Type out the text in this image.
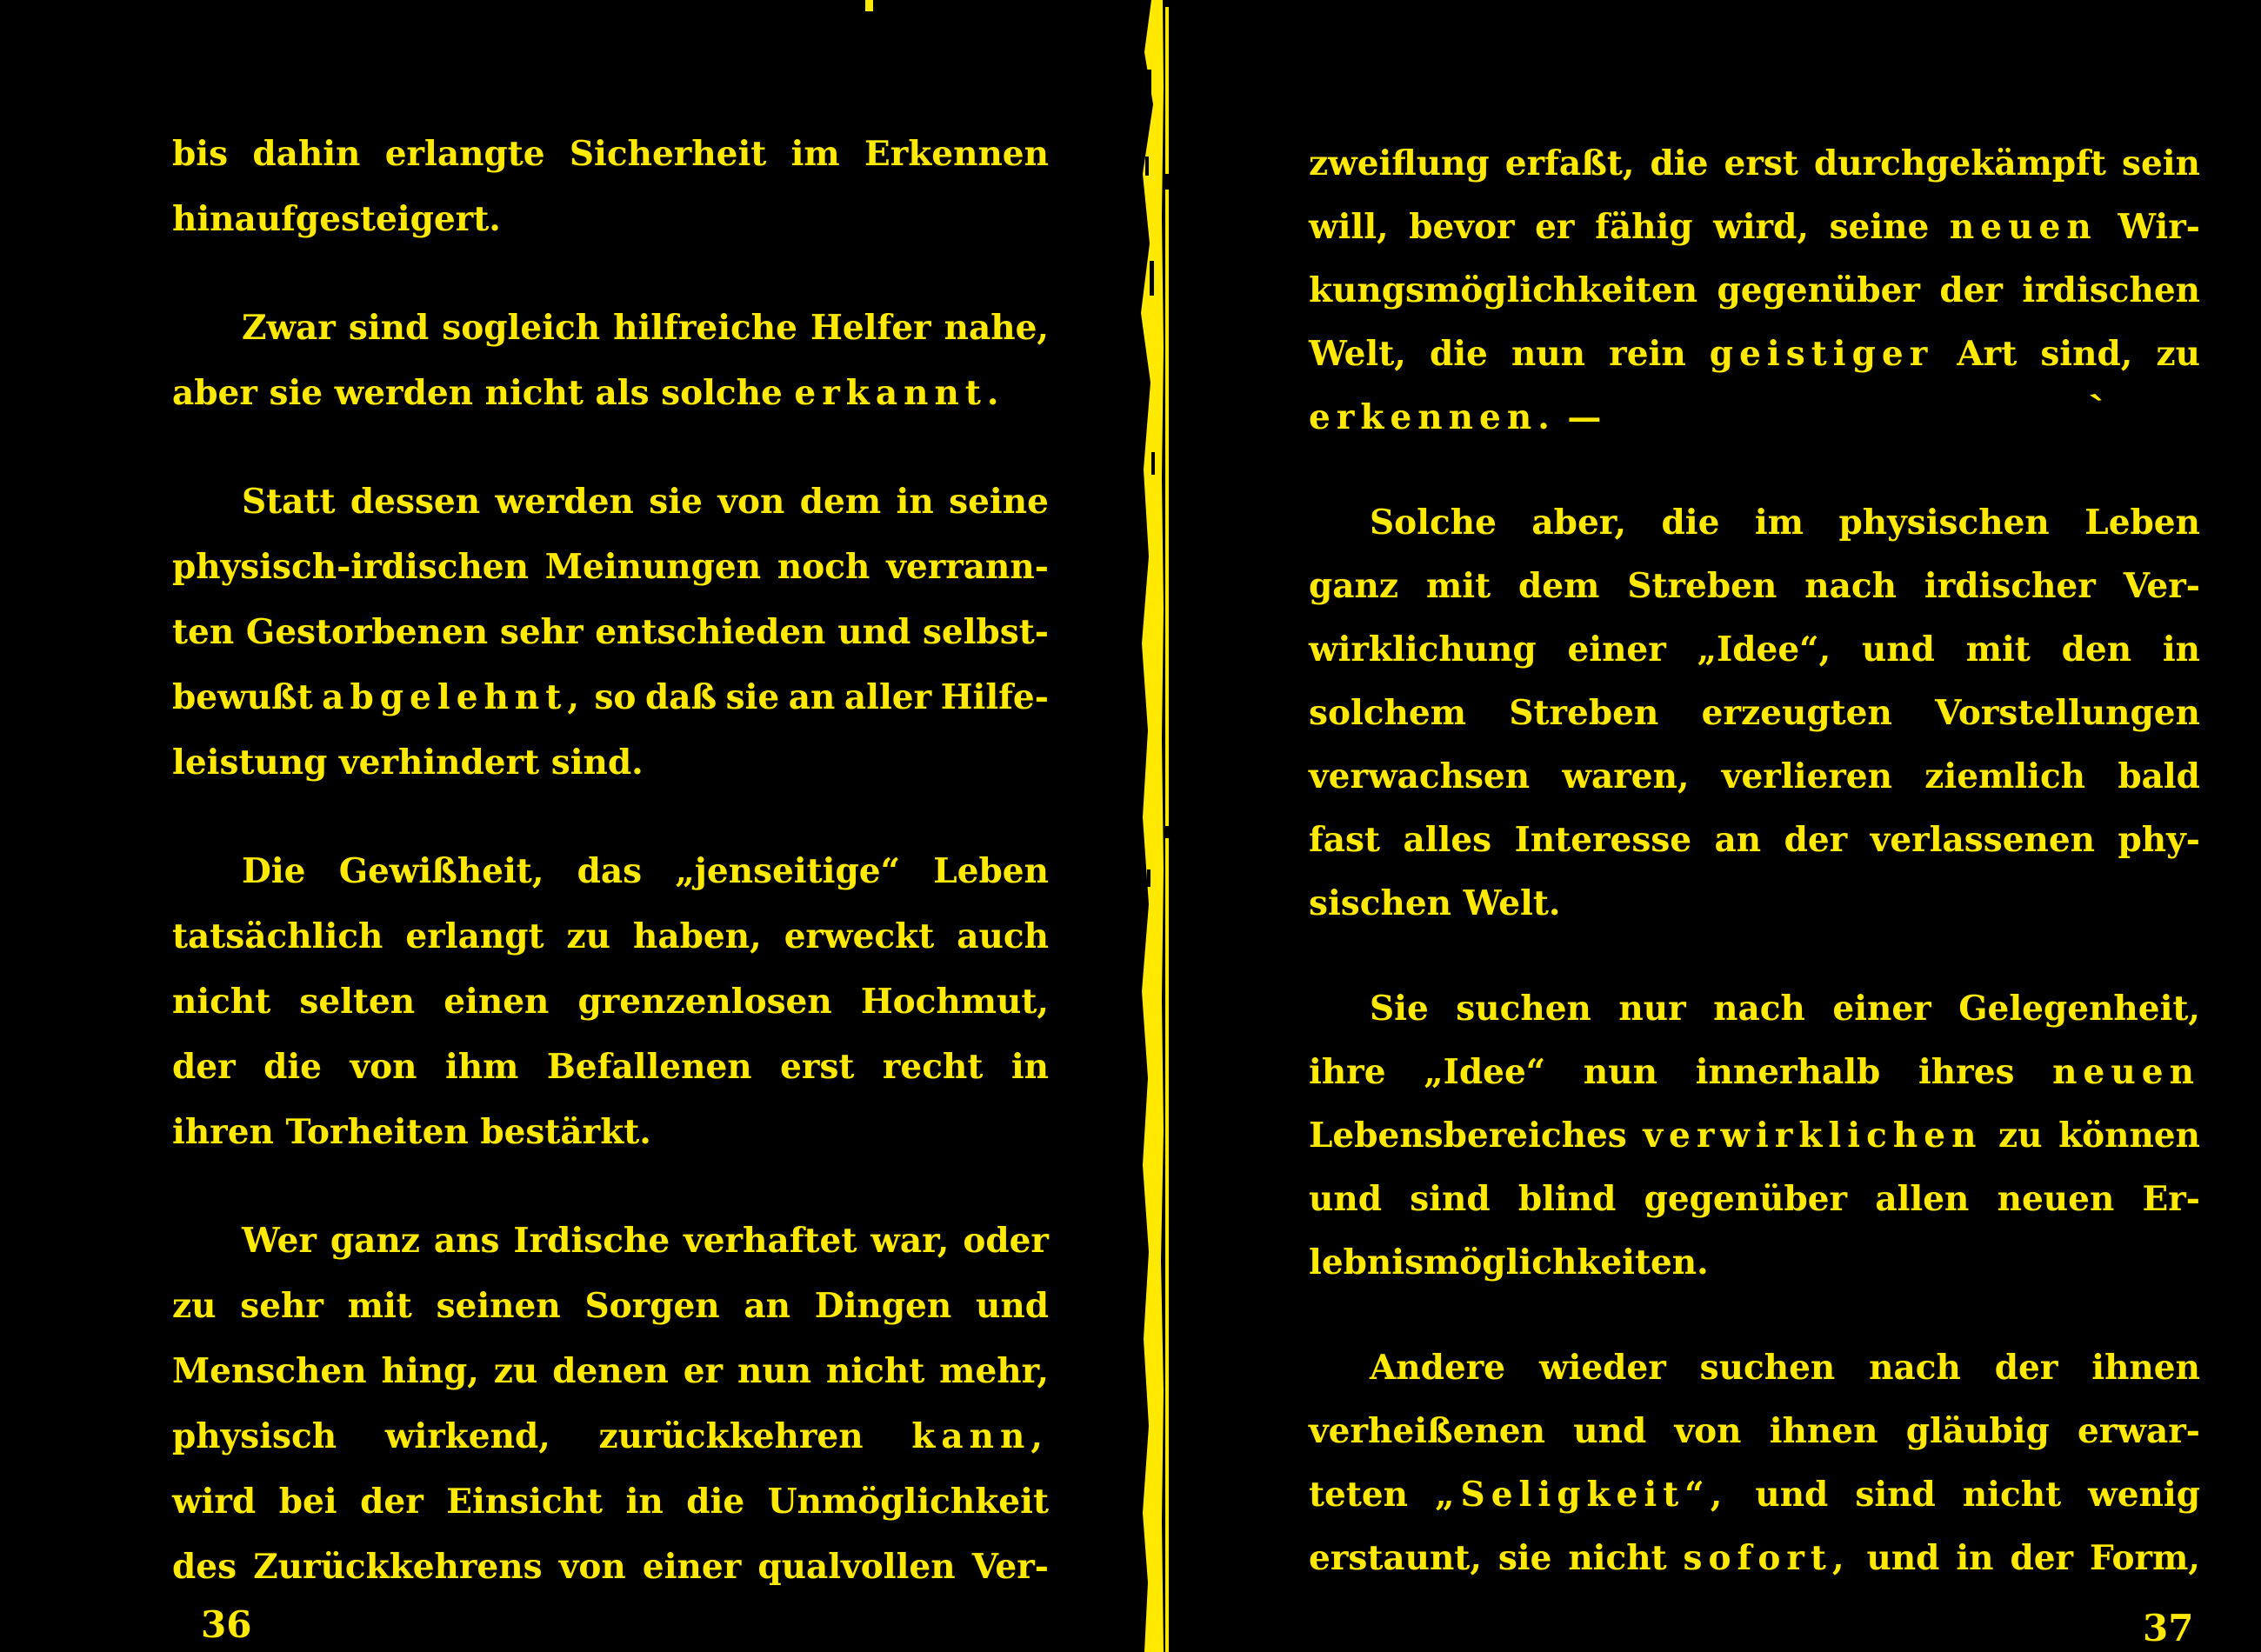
bis dahin erlangte Sicherheit im Erkennen
hinaufgesteigert.
Zwar sind sogleich hilfreiche Helfer nahe,
aber sie werden nicht als solche erkannt.
Statt dessen werden sie von dem in seine
physisch-irdischen Meinungen noch verrann-
ten Gestorbenen sehr entschieden und selbst-
bewußt abgelehnt, so daß sie an aller Hilfe-
leistung verhindert sind.
Die Gewißheit, das „jenseitige“ Leben
tatsächlich erlangt zu haben, erweckt auch
nicht selten einen grenzenlosen Hochmut,
der die von ihm Befallenen erst recht in
ihren Torheiten bestärkt.
Wer ganz ans Irdische verhaftet war, oder
zu sehr mit seinen Sorgen an Dingen und
Menschen hing, zu denen er nun nicht mehr,
physisch wirkend, zurückkehren kann,
wird bei der Einsicht in die Unmöglichkeit
des Zurückkehrens von einer qualvollen Ver-
zweiflung erfaßt, die erst durchgekämpft sein
will, bevor er fähig wird, seine neuen Wir-
kungsmöglichkeiten gegenüber der irdischen
Welt, die nun rein geistiger Art sind, zu
erkennen. —
Solche aber, die im physischen Leben
ganz mit dem Streben nach irdischer Ver-
wirklichung einer „Idee“, und mit den in
solchem Streben erzeugten Vorstellungen
verwachsen waren, verlieren ziemlich bald
fast alles Interesse an der verlassenen phy-
sischen Welt.
Sie suchen nur nach einer Gelegenheit,
ihre „Idee“ nun innerhalb ihres neuen
Lebensbereiches verwirklichen zu können
und sind blind gegenüber allen neuen Er-
lebnismöglichkeiten.
Andere wieder suchen nach der ihnen
verheißenen und von ihnen gläubig erwar-
teten „Seligkeit“, und sind nicht wenig
erstaunt, sie nicht sofort, und in der Form,
36	37
ˋ
